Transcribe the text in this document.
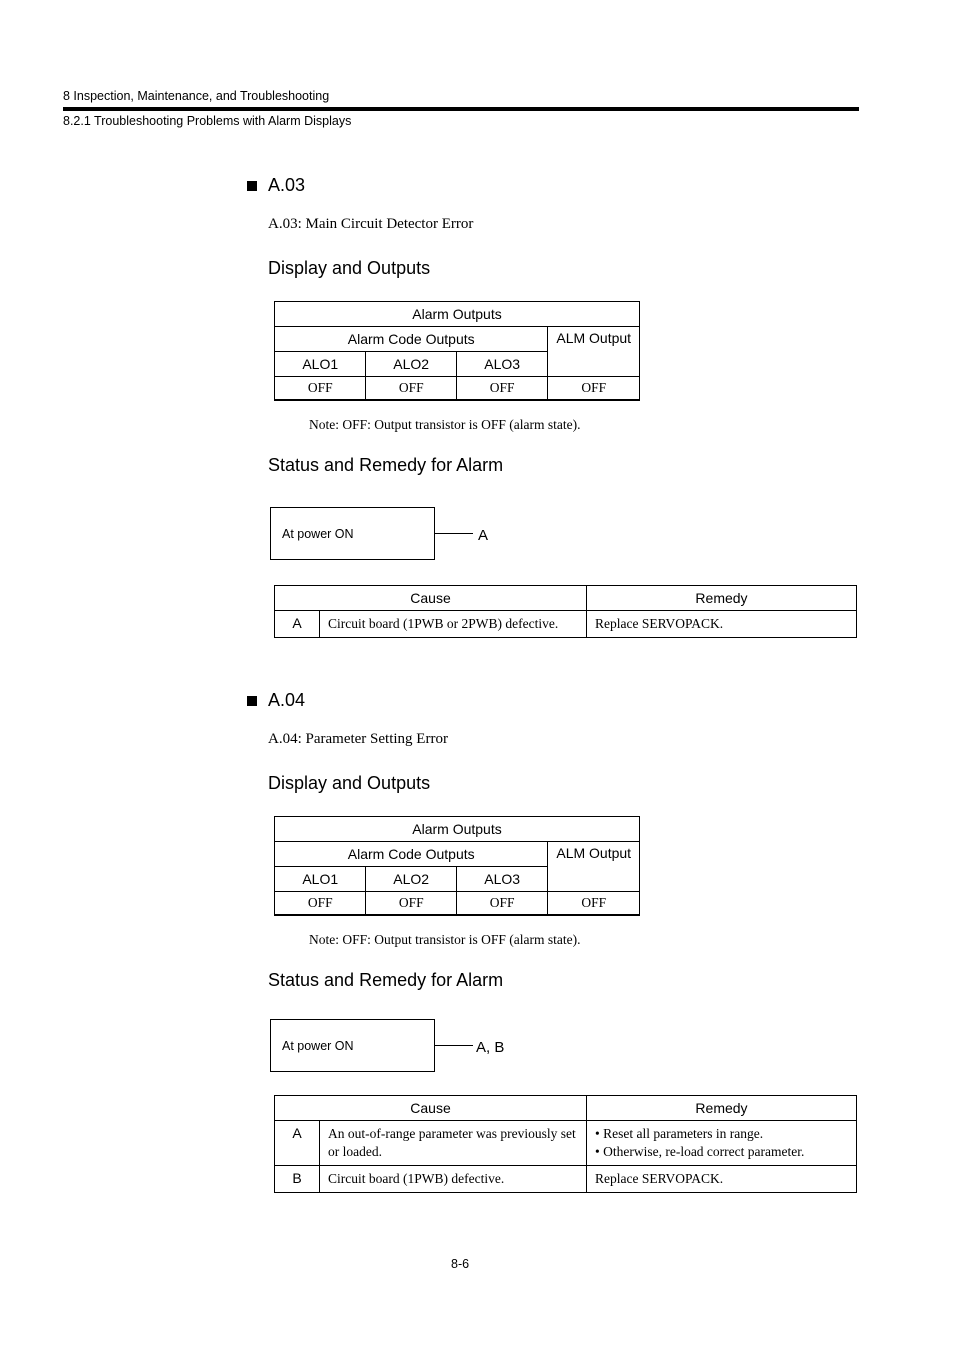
8 Inspection, Maintenance, and Troubleshooting
8.2.1 Troubleshooting Problems with Alarm Displays
A.03
A.03: Main Circuit Detector Error
Display and Outputs
Alarm Outputs			
Alarm Code Outputs			ALM Output
ALO1	ALO2	ALO3	
OFF	OFF	OFF	OFF
Note: OFF: Output transistor is OFF (alarm state).
Status and Remedy for Alarm
At power ON	A
Cause		Remedy
A	Circuit board (1PWB or 2PWB) defective.	Replace SERVOPACK.
A.04
A.04: Parameter Setting Error
Display and Outputs
Alarm Outputs			
Alarm Code Outputs			ALM Output
ALO1	ALO2	ALO3	
OFF	OFF	OFF	OFF
Note: OFF: Output transistor is OFF (alarm state).
Status and Remedy for Alarm
At power ON	A, B
Cause		Remedy
A	An out-of-range parameter was previously set or loaded.	• Reset all parameters in range.
• Otherwise, re-load correct parameter.

B	Circuit board (1PWB) defective.	Replace SERVOPACK.
8-6
